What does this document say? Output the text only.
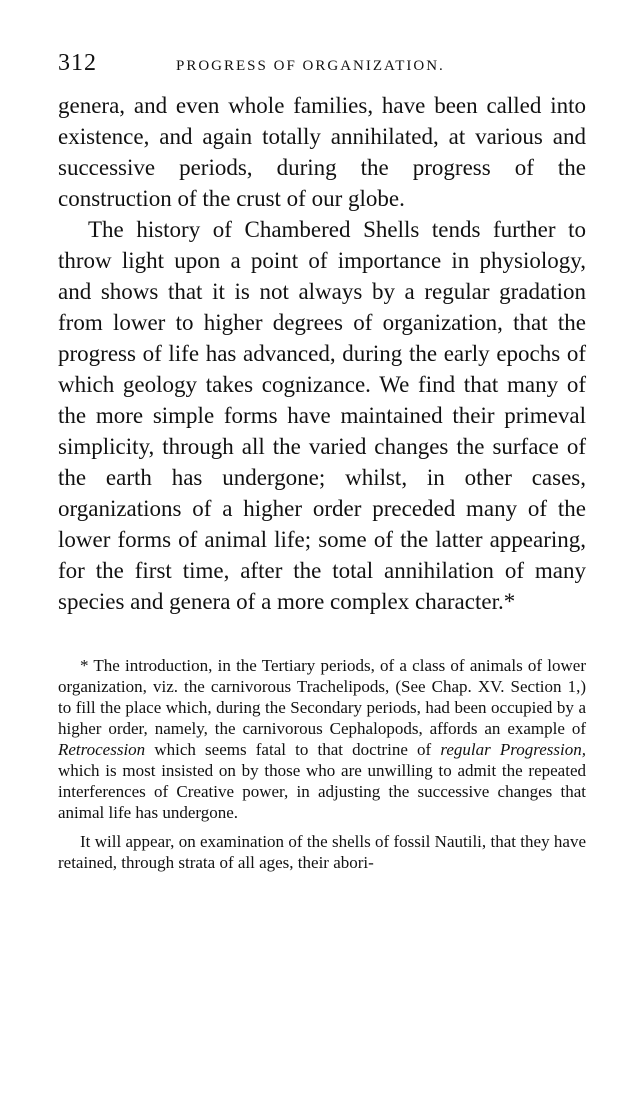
312	PROGRESS OF ORGANIZATION.

genera, and even whole families, have been called into existence, and again totally annihilated, at various and successive periods, during the progress of the construction of the crust of our globe.

The history of Chambered Shells tends further to throw light upon a point of importance in physiology, and shows that it is not always by a regular gradation from lower to higher degrees of organization, that the progress of life has advanced, during the early epochs of which geology takes cognizance. We find that many of the more simple forms have maintained their primeval simplicity, through all the varied changes the surface of the earth has undergone; whilst, in other cases, organizations of a higher order preceded many of the lower forms of animal life; some of the latter appearing, for the first time, after the total annihilation of many species and genera of a more complex character.*

* The introduction, in the Tertiary periods, of a class of animals of lower organization, viz. the carnivorous Trachelipods, (See Chap. XV. Section 1,) to fill the place which, during the Secondary periods, had been occupied by a higher order, namely, the carnivorous Cephalopods, affords an example of Retrocession which seems fatal to that doctrine of regular Progression, which is most insisted on by those who are unwilling to admit the repeated interferences of Creative power, in adjusting the successive changes that animal life has undergone.

It will appear, on examination of the shells of fossil Nautili, that they have retained, through strata of all ages, their abori-
